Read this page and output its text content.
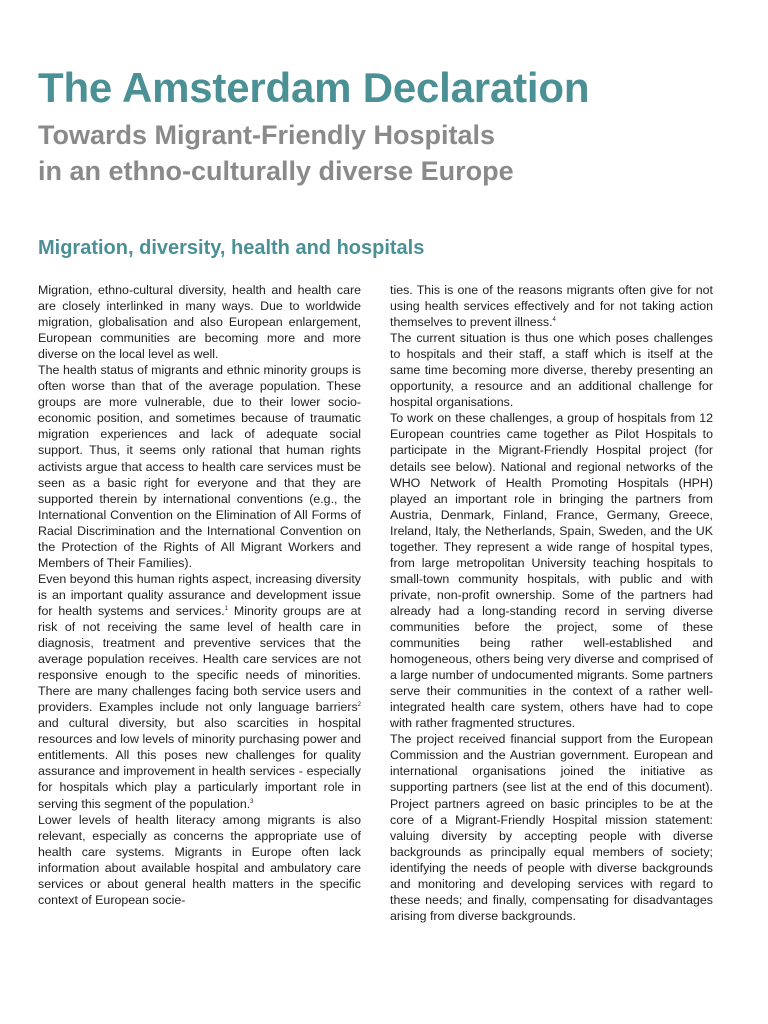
The Amsterdam Declaration
Towards Migrant-Friendly Hospitals
in an ethno-culturally diverse Europe
Migration, diversity, health and hospitals

Migration, ethno-cultural diversity, health and health care are closely interlinked in many ways. Due to worldwide migration, globalisation and also European enlargement, European communities are becoming more and more diverse on the local level as well.

The health status of migrants and ethnic minority groups is often worse than that of the average population. These groups are more vulnerable, due to their lower socio-economic position, and sometimes because of traumatic migration experiences and lack of adequate social support. Thus, it seems only rational that human rights activists argue that access to health care services must be seen as a basic right for everyone and that they are supported therein by international conventions (e.g., the International Convention on the Elimination of All Forms of Racial Discrimination and the International Convention on the Protection of the Rights of All Migrant Workers and Members of Their Families).

Even beyond this human rights aspect, increasing diversity is an important quality assurance and development issue for health systems and services.$^1$ Minority groups are at risk of not receiving the same level of health care in diagnosis, treatment and preventive services that the average population receives. Health care services are not responsive enough to the specific needs of minorities. There are many challenges facing both service users and providers. Examples include not only language barriers$^2$ and cultural diversity, but also scarcities in hospital resources and low levels of minority purchasing power and entitlements. All this poses new challenges for quality assurance and improvement in health services - especially for hospitals which play a particularly important role in serving this segment of the population.$^3$

Lower levels of health literacy among migrants is also relevant, especially as concerns the appropriate use of health care systems. Migrants in Europe often lack information about available hospital and ambulatory care services or about general health matters in the specific context of European socie-

ties. This is one of the reasons migrants often give for not using health services effectively and for not taking action themselves to prevent illness.$^4$

The current situation is thus one which poses challenges to hospitals and their staff, a staff which is itself at the same time becoming more diverse, thereby presenting an opportunity, a resource and an additional challenge for hospital organisations.

To work on these challenges, a group of hospitals from 12 European countries came together as Pilot Hospitals to participate in the Migrant-Friendly Hospital project (for details see below). National and regional networks of the WHO Network of Health Promoting Hospitals (HPH) played an important role in bringing the partners from Austria, Denmark, Finland, France, Germany, Greece, Ireland, Italy, the Netherlands, Spain, Sweden, and the UK together. They represent a wide range of hospital types, from large metropolitan University teaching hospitals to small-town community hospitals, with public and with private, non-profit ownership. Some of the partners had already had a long-standing record in serving diverse communities before the project, some of these communities being rather well-established and homogeneous, others being very diverse and comprised of a large number of undocumented migrants. Some partners serve their communities in the context of a rather well-integrated health care system, others have had to cope with rather fragmented structures.

The project received financial support from the European Commission and the Austrian government. European and international organisations joined the initiative as supporting partners (see list at the end of this document). Project partners agreed on basic principles to be at the core of a Migrant-Friendly Hospital mission statement: valuing diversity by accepting people with diverse backgrounds as principally equal members of society; identifying the needs of people with diverse backgrounds and monitoring and developing services with regard to these needs; and finally, compensating for disadvantages arising from diverse backgrounds.
